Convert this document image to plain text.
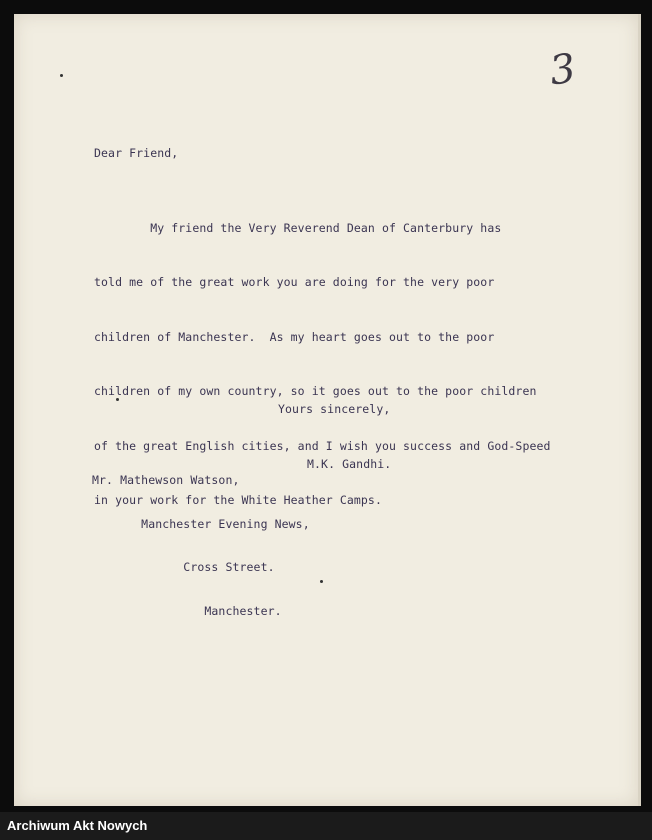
3
Dear Friend,

My friend the Very Reverend Dean of Canterbury has

told me of the great work you are doing for the very poor

children of Manchester.  As my heart goes out to the poor

children of my own country, so it goes out to the poor children

of the great English cities, and I wish you success and God-Speed

in your work for the White Heather Camps.

Yours sincerely,

M.K. Gandhi.

Mr. Mathewson Watson,

Manchester Evening News,

Cross Street.

Manchester.

Archiwum Akt Nowych
